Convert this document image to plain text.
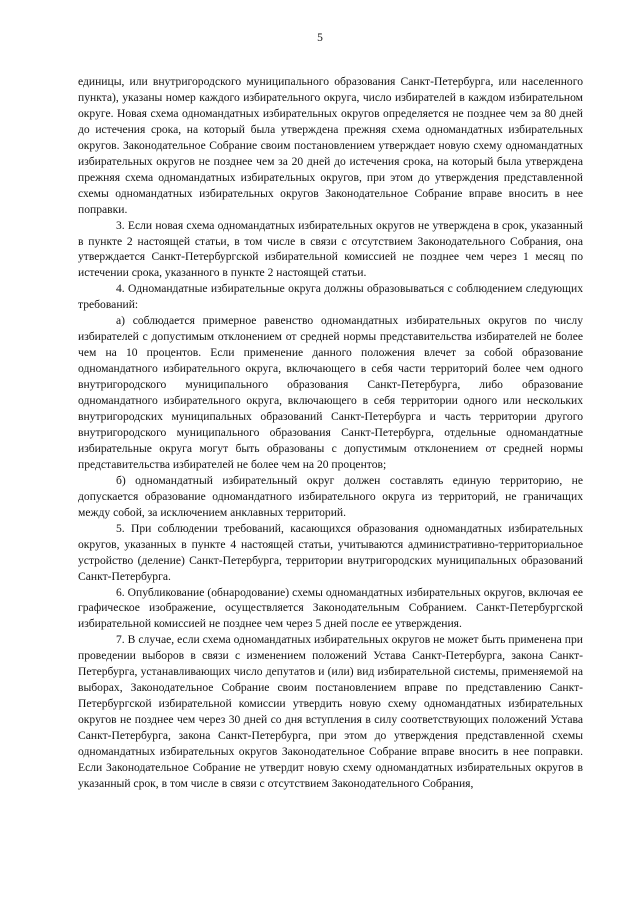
5

единицы, или внутригородского муниципального образования Санкт-Петербурга, или населенного пункта), указаны номер каждого избирательного округа, число избирателей в каждом избирательном округе. Новая схема одномандатных избирательных округов определяется не позднее чем за 80 дней до истечения срока, на который была утверждена прежняя схема одномандатных избирательных округов. Законодательное Собрание своим постановлением утверждает новую схему одномандатных избирательных округов не позднее чем за 20 дней до истечения срока, на который была утверждена прежняя схема одномандатных избирательных округов, при этом до утверждения представленной схемы одномандатных избирательных округов Законодательное Собрание вправе вносить в нее поправки.

3. Если новая схема одномандатных избирательных округов не утверждена в срок, указанный в пункте 2 настоящей статьи, в том числе в связи с отсутствием Законодательного Собрания, она утверждается Санкт-Петербургской избирательной комиссией не позднее чем через 1 месяц по истечении срока, указанного в пункте 2 настоящей статьи.

4. Одномандатные избирательные округа должны образовываться с соблюдением следующих требований:

а) соблюдается примерное равенство одномандатных избирательных округов по числу избирателей с допустимым отклонением от средней нормы представительства избирателей не более чем на 10 процентов. Если применение данного положения влечет за собой образование одномандатного избирательного округа, включающего в себя части территорий более чем одного внутригородского муниципального образования Санкт-Петербурга, либо образование одномандатного избирательного округа, включающего в себя территории одного или нескольких внутригородских муниципальных образований Санкт-Петербурга и часть территории другого внутригородского муниципального образования Санкт-Петербурга, отдельные одномандатные избирательные округа могут быть образованы с допустимым отклонением от средней нормы представительства избирателей не более чем на 20 процентов;

б) одномандатный избирательный округ должен составлять единую территорию, не допускается образование одномандатного избирательного округа из территорий, не граничащих между собой, за исключением анклавных территорий.

5. При соблюдении требований, касающихся образования одномандатных избирательных округов, указанных в пункте 4 настоящей статьи, учитываются административно-территориальное устройство (деление) Санкт-Петербурга, территории внутригородских муниципальных образований Санкт-Петербурга.

6. Опубликование (обнародование) схемы одномандатных избирательных округов, включая ее графическое изображение, осуществляется Законодательным Собранием. Санкт-Петербургской избирательной комиссией не позднее чем через 5 дней после ее утверждения.

7. В случае, если схема одномандатных избирательных округов не может быть применена при проведении выборов в связи с изменением положений Устава Санкт-Петербурга, закона Санкт-Петербурга, устанавливающих число депутатов и (или) вид избирательной системы, применяемой на выборах, Законодательное Собрание своим постановлением вправе по представлению Санкт-Петербургской избирательной комиссии утвердить новую схему одномандатных избирательных округов не позднее чем через 30 дней со дня вступления в силу соответствующих положений Устава Санкт-Петербурга, закона Санкт-Петербурга, при этом до утверждения представленной схемы одномандатных избирательных округов Законодательное Собрание вправе вносить в нее поправки. Если Законодательное Собрание не утвердит новую схему одномандатных избирательных округов в указанный срок, в том числе в связи с отсутствием Законодательного Собрания,
